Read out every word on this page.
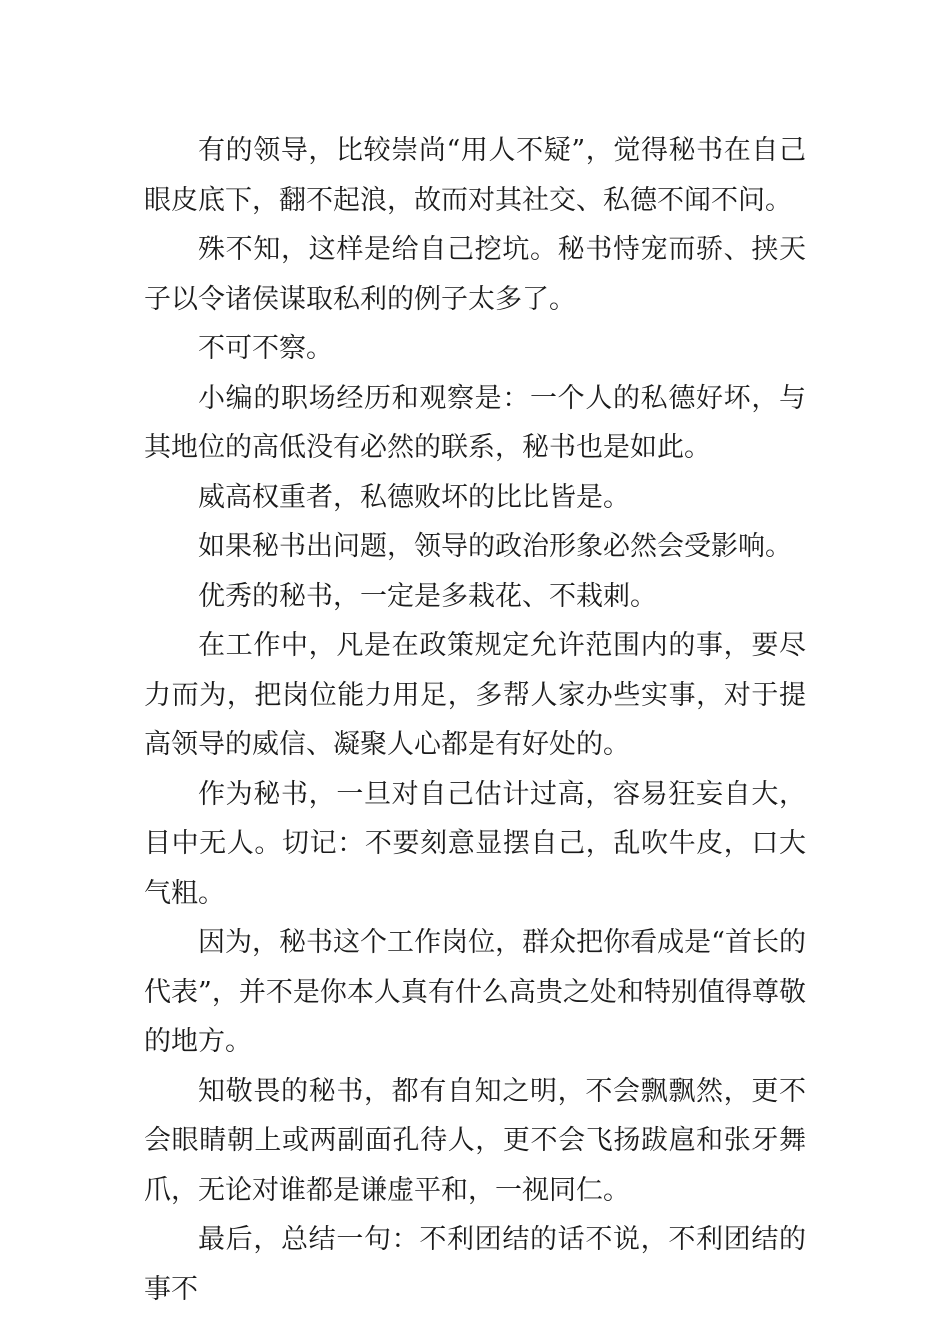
有的领导，比较崇尚“用人不疑”，觉得秘书在自己眼皮底下，翻不起浪，故而对其社交、私德不闻不问。

殊不知，这样是给自己挖坑。秘书恃宠而骄、挟天子以令诸侯谋取私利的例子太多了。

不可不察。

小编的职场经历和观察是：一个人的私德好坏，与其地位的高低没有必然的联系，秘书也是如此。

威高权重者，私德败坏的比比皆是。

如果秘书出问题，领导的政治形象必然会受影响。

优秀的秘书，一定是多栽花、不栽刺。

在工作中，凡是在政策规定允许范围内的事，要尽力而为，把岗位能力用足，多帮人家办些实事，对于提高领导的威信、凝聚人心都是有好处的。

作为秘书，一旦对自己估计过高，容易狂妄自大，目中无人。切记：不要刻意显摆自己，乱吹牛皮，口大气粗。

因为，秘书这个工作岗位，群众把你看成是“首长的代表”，并不是你本人真有什么高贵之处和特别值得尊敬的地方。

知敬畏的秘书，都有自知之明，不会飘飘然，更不会眼睛朝上或两副面孔待人，更不会飞扬跋扈和张牙舞爪，无论对谁都是谦虚平和，一视同仁。

最后，总结一句：不利团结的话不说，不利团结的事不
